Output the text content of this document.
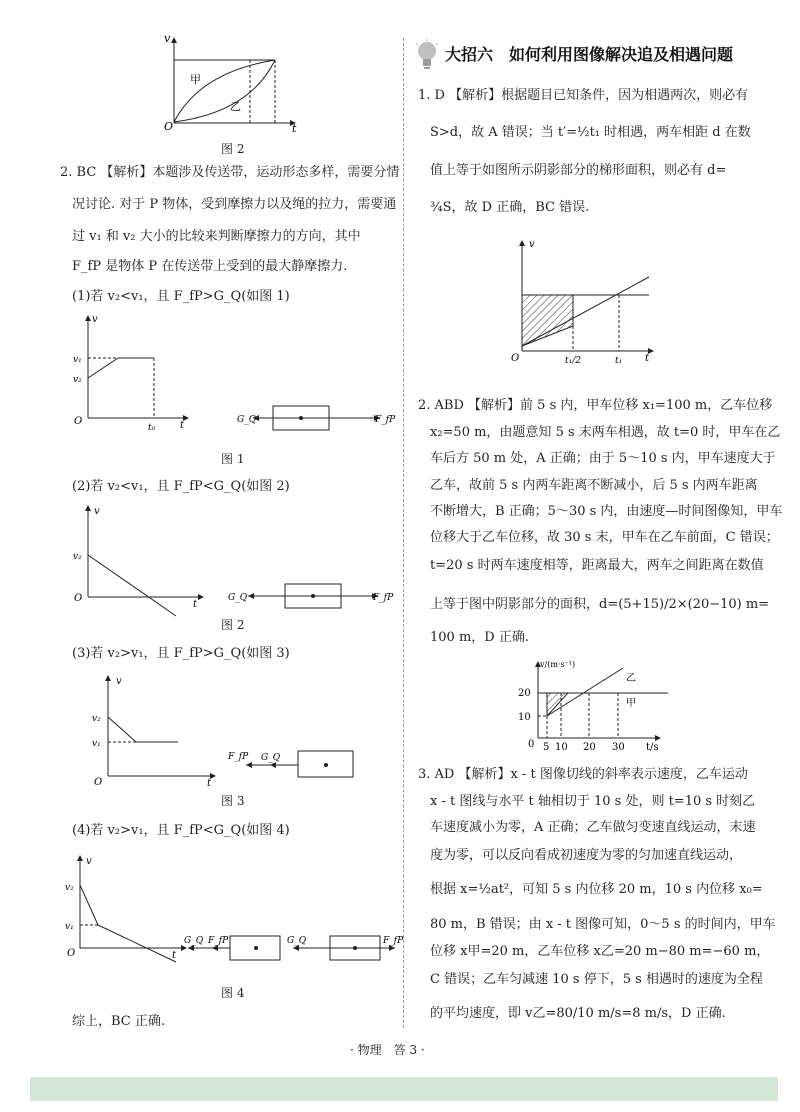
v
t
O
甲
乙
图 2
2. BC 【解析】本题涉及传送带，运动形态多样，需要分情
况讨论. 对于 P 物体，受到摩擦力以及绳的拉力，需要通
过 v₁ 和 v₂ 大小的比较来判断摩擦力的方向，其中
F_fP 是物体 P 在传送带上受到的最大静摩擦力.
(1)若 v₂<v₁，且 F_fP>G_Q(如图 1)
v
v₁
v₂
O
t₀ t	G_Q	F_fP
图 1
(2)若 v₂<v₁，且 F_fP<G_Q(如图 2)
v
v₂
O
t
G_Q	F_fP
图 2
(3)若 v₂>v₁，且 F_fP>G_Q(如图 3)
v
v₂
v₁
O	t
F_fP G_Q
图 3
(4)若 v₂>v₁，且 F_fP<G_Q(如图 4)
v
v₂
v₁
O	t
G_Q F_fP	G_Q	F_fP
图 4
综上，BC 正确.
大招六　如何利用图像解决追及相遇问题
1. D 【解析】根据题目已知条件，因为相遇两次，则必有
S>d，故 A 错误；当 t′=½t₁ 时相遇，两车相距 d 在数
值上等于如图所示阴影部分的梯形面积，则必有 d=
¾S，故 D 正确，BC 错误.
v
t
O	t₁/2	t₁
2. ABD 【解析】前 5 s 内，甲车位移 x₁=100 m，乙车位移
x₂=50 m，由题意知 5 s 末两车相遇，故 t=0 时，甲车在乙
车后方 50 m 处，A 正确；由于 5～10 s 内，甲车速度大于
乙车，故前 5 s 内两车距离不断减小，后 5 s 内两车距离
不断增大，B 正确；5～30 s 内，由速度—时间图像知，甲车
位移大于乙车位移，故 30 s 末，甲车在乙车前面，C 错误；
t=20 s 时两车速度相等，距离最大，两车之间距离在数值
上等于图中阴影部分的面积，d=(5+15)/2×(20−10) m=
100 m，D 正确.
v/(m·s⁻¹)
20
10
0 5 10 20 30 t/s
甲
乙
3. AD 【解析】x - t 图像切线的斜率表示速度，乙车运动
x - t 图线与水平 t 轴相切于 10 s 处，则 t=10 s 时刻乙
车速度减小为零，A 正确；乙车做匀变速直线运动，末速
度为零，可以反向看成初速度为零的匀加速直线运动，
根据 x=½at²，可知 5 s 内位移 20 m，10 s 内位移 x₀=
80 m，B 错误；由 x - t 图像可知，0～5 s 的时间内，甲车
位移 x甲=20 m，乙车位移 x乙=20 m−80 m=−60 m，
C 错误；乙车匀减速 10 s 停下，5 s 相遇时的速度为全程
的平均速度，即 v乙=80/10 m/s=8 m/s，D 正确.
· 物理　答 3 ·
